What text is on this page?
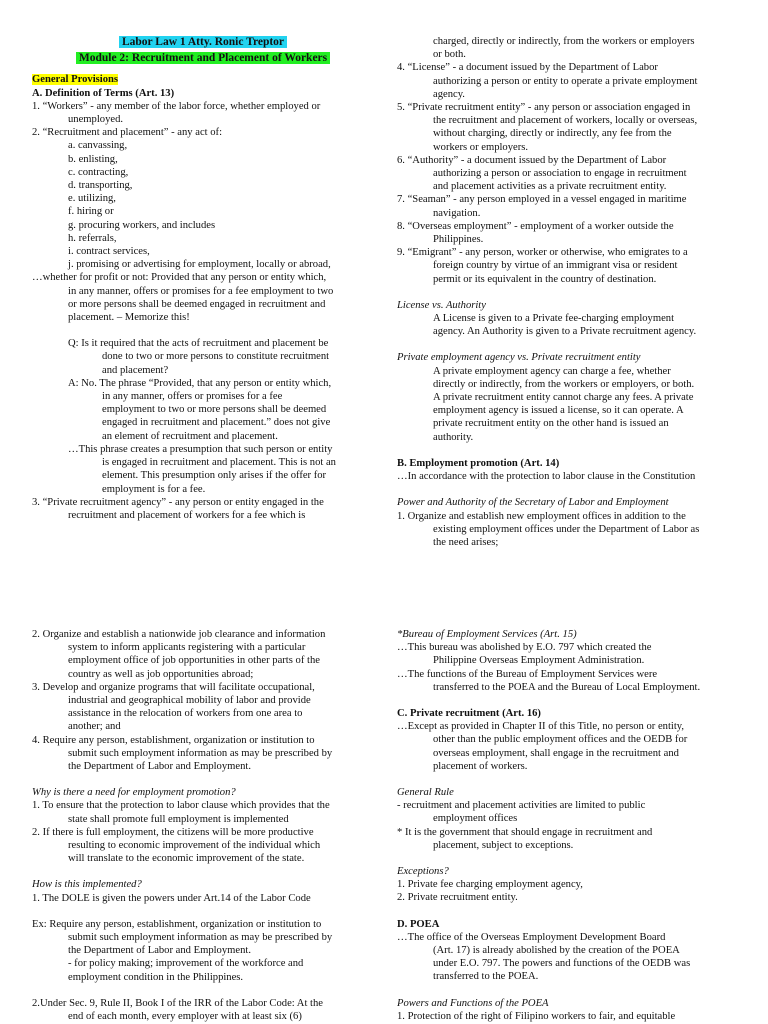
Labor Law 1 Atty. Ronic Treptor
Module 2: Recruitment and Placement of Workers
General Provisions
A. Definition of Terms (Art. 13)
1. “Workers” - any member of the labor force, whether employed or
unemployed.
2. “Recruitment and placement” - any act of:
a. canvassing,
b. enlisting,
c. contracting,
d. transporting,
e. utilizing,
f. hiring or
g. procuring workers, and includes
h. referrals,
i. contract services,
j. promising or advertising for employment, locally or abroad,
…whether for profit or not: Provided that any person or entity which,
in any manner, offers or promises for a fee employment to two
or more persons shall be deemed engaged in recruitment and
placement. – Memorize this!
Q: Is it required that the acts of recruitment and placement be
done to two or more persons to constitute recruitment
and placement?
A: No. The phrase “Provided, that any person or entity which,
in any manner, offers or promises for a fee
employment to two or more persons shall be deemed
engaged in recruitment and placement.” does not give
an element of recruitment and placement.
…This phrase creates a presumption that such person or entity
is engaged in recruitment and placement. This is not an
element. This presumption only arises if the offer for
employment is for a fee.
3. “Private recruitment agency” - any person or entity engaged in the
recruitment and placement of workers for a fee which is
charged, directly or indirectly, from the workers or employers
or both.
4. “License” - a document issued by the Department of Labor
authorizing a person or entity to operate a private employment
agency.
5. “Private recruitment entity” - any person or association engaged in
the recruitment and placement of workers, locally or overseas,
without charging, directly or indirectly, any fee from the
workers or employers.
6. “Authority” - a document issued by the Department of Labor
authorizing a person or association to engage in recruitment
and placement activities as a private recruitment entity.
7. “Seaman” - any person employed in a vessel engaged in maritime
navigation.
8. “Overseas employment” - employment of a worker outside the
Philippines.
9. “Emigrant” - any person, worker or otherwise, who emigrates to a
foreign country by virtue of an immigrant visa or resident
permit or its equivalent in the country of destination.
License vs. Authority
A License is given to a Private fee-charging employment
agency. An Authority is given to a Private recruitment agency.
Private employment agency vs. Private recruitment entity
A private employment agency can charge a fee, whether
directly or indirectly, from the workers or employers, or both.
A private recruitment entity cannot charge any fees. A private
employment agency is issued a license, so it can operate. A
private recruitment entity on the other hand is issued an
authority.
B. Employment promotion (Art. 14)
…In accordance with the protection to labor clause in the Constitution
Power and Authority of the Secretary of Labor and Employment
1. Organize and establish new employment offices in addition to the
existing employment offices under the Department of Labor as
the need arises;
2. Organize and establish a nationwide job clearance and information
system to inform applicants registering with a particular
employment office of job opportunities in other parts of the
country as well as job opportunities abroad;
3. Develop and organize programs that will facilitate occupational,
industrial and geographical mobility of labor and provide
assistance in the relocation of workers from one area to
another; and
4. Require any person, establishment, organization or institution to
submit such employment information as may be prescribed by
the Department of Labor and Employment.
Why is there a need for employment promotion?
1. To ensure that the protection to labor clause which provides that the
state shall promote full employment is implemented
2. If there is full employment, the citizens will be more productive
resulting to economic improvement of the individual which
will translate to the economic improvement of the state.
How is this implemented?
1. The DOLE is given the powers under Art.14 of the Labor Code
Ex: Require any person, establishment, organization or institution to
submit such employment information as may be prescribed by
the Department of Labor and Employment.
- for policy making; improvement of the workforce and
employment condition in the Philippines.
2.Under Sec. 9, Rule II, Book I of the IRR of the Labor Code: At the
end of each month, every employer with at least six (6)
*Bureau of Employment Services (Art. 15)
…This bureau was abolished by E.O. 797 which created the
Philippine Overseas Employment Administration.
…The functions of the Bureau of Employment Services were
transferred to the POEA and the Bureau of Local Employment.
C. Private recruitment (Art. 16)
…Except as provided in Chapter II of this Title, no person or entity,
other than the public employment offices and the OEDB for
overseas employment, shall engage in the recruitment and
placement of workers.
General Rule
- recruitment and placement activities are limited to public
employment offices
* It is the government that should engage in recruitment and
placement, subject to exceptions.
Exceptions?
1. Private fee charging employment agency,
2. Private recruitment entity.
D. POEA
…The office of the Overseas Employment Development Board
(Art. 17) is already abolished by the creation of the POEA
under E.O. 797. The powers and functions of the OEDB was
transferred to the POEA.
Powers and Functions of the POEA
1. Protection of the right of Filipino workers to fair, and equitable
